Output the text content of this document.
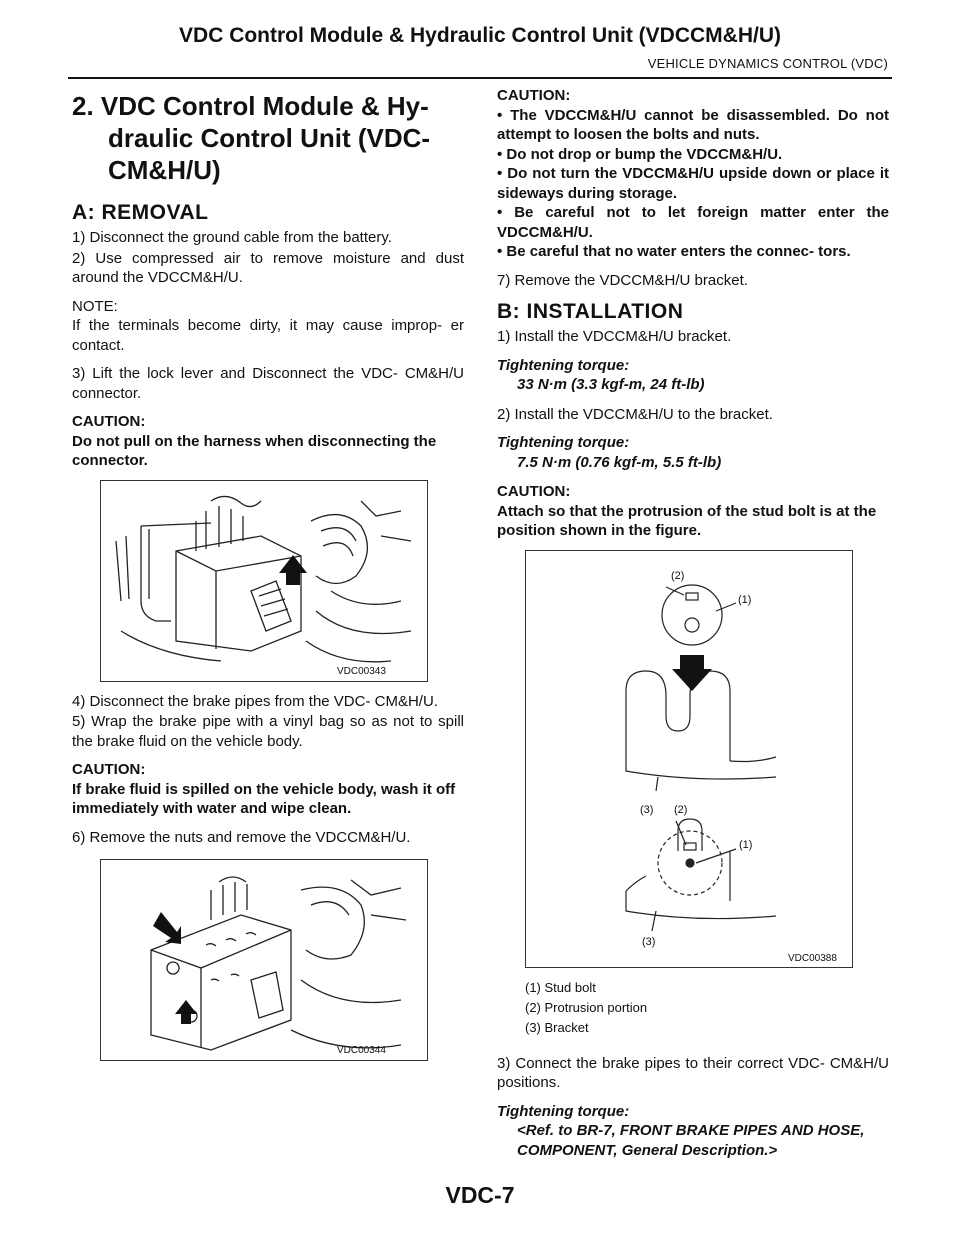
VDC Control Module & Hydraulic Control Unit (VDCCM&H/U)
VEHICLE DYNAMICS CONTROL (VDC)
2. VDC Control Module & Hy- draulic Control Unit (VDC- CM&H/U)
A: REMOVAL

1) Disconnect the ground cable from the battery.

2) Use compressed air to remove moisture and dust around the VDCCM&H/U.

NOTE:

If the terminals become dirty, it may cause improp- er contact.

3) Lift the lock lever and Disconnect the VDC- CM&H/U connector.

CAUTION:
Do not pull on the harness when disconnecting the connector.

VDC00343

4) Disconnect the brake pipes from the VDC- CM&H/U.

5) Wrap the brake pipe with a vinyl bag so as not to spill the brake fluid on the vehicle body.

CAUTION:
If brake fluid is spilled on the vehicle body, wash it off immediately with water and wipe clean.

6) Remove the nuts and remove the VDCCM&H/U.

VDC00344

CAUTION:
• The VDCCM&H/U cannot be disassembled. Do not attempt to loosen the bolts and nuts.
• Do not drop or bump the VDCCM&H/U.
• Do not turn the VDCCM&H/U upside down or place it sideways during storage.
• Be careful not to let foreign matter enter the VDCCM&H/U.
• Be careful that no water enters the connec- tors.

7) Remove the VDCCM&H/U bracket.

B: INSTALLATION

1) Install the VDCCM&H/U bracket.

Tightening torque:
33 N·m (3.3 kgf-m, 24 ft-lb)

2) Install the VDCCM&H/U to the bracket.

Tightening torque:
7.5 N·m (0.76 kgf-m, 5.5 ft-lb)

CAUTION:
Attach so that the protrusion of the stud bolt is at the position shown in the figure.

(2)
(1)
(3) (2)
(1)
(3)
VDC00388
(1) Stud bolt
(2) Protrusion portion
(3) Bracket

3) Connect the brake pipes to their correct VDC- CM&H/U positions.

Tightening torque:
<Ref. to BR-7, FRONT BRAKE PIPES AND HOSE, COMPONENT, General Description.>

VDC-7
